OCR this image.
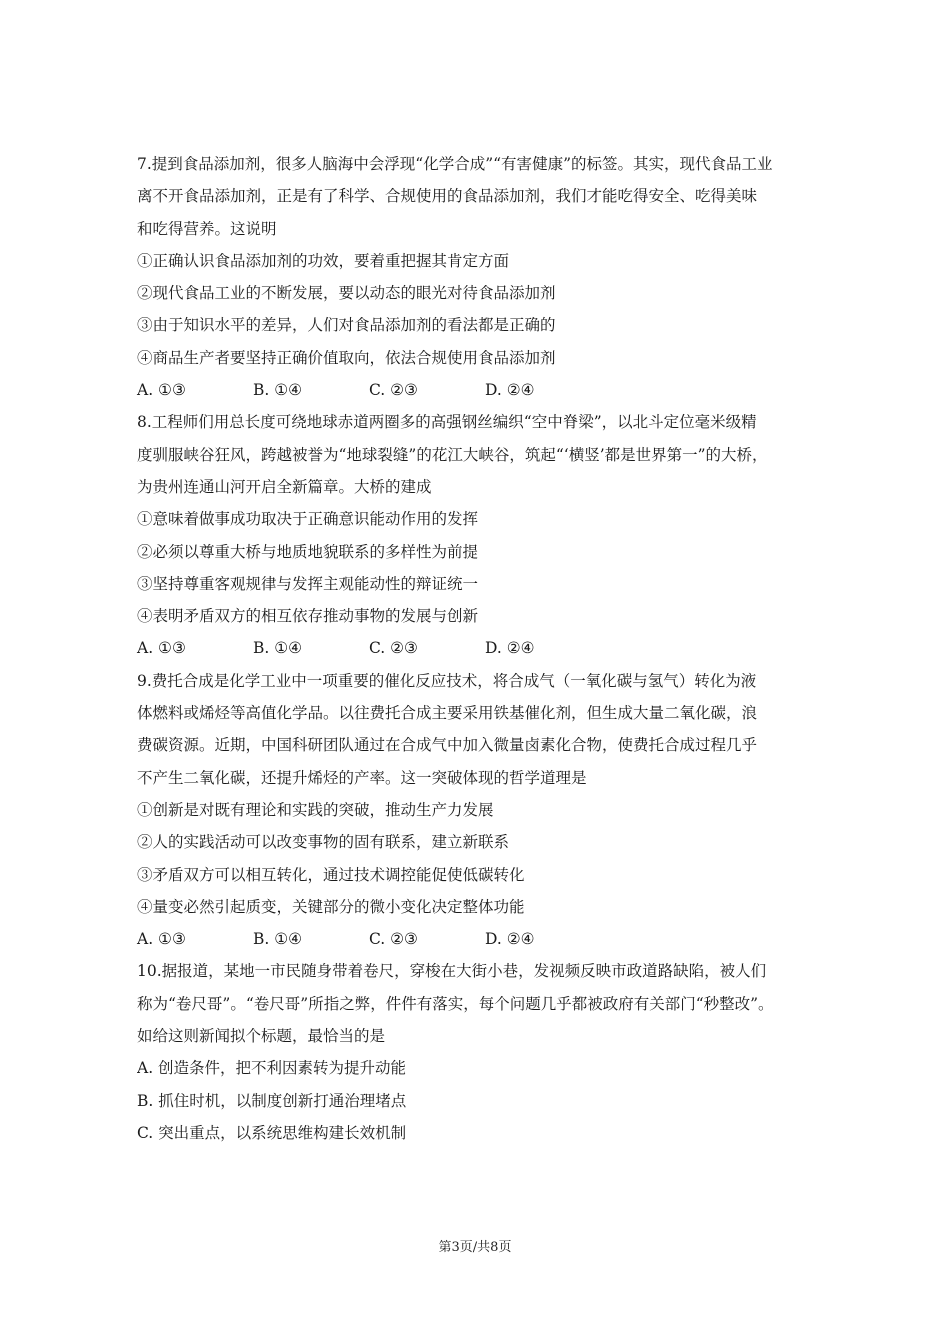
7.提到食品添加剂，很多人脑海中会浮现“化学合成”“有害健康”的标签。其实，现代食品工业
离不开食品添加剂，正是有了科学、合规使用的食品添加剂，我们才能吃得安全、吃得美味
和吃得营养。这说明
①正确认识食品添加剂的功效，要着重把握其肯定方面
②现代食品工业的不断发展，要以动态的眼光对待食品添加剂
③由于知识水平的差异，人们对食品添加剂的看法都是正确的
④商品生产者要坚持正确价值取向，依法合规使用食品添加剂
A. ①③	B. ①④	C. ②③	D. ②④
8.工程师们用总长度可绕地球赤道两圈多的高强钢丝编织“空中脊梁”，以北斗定位毫米级精
度驯服峡谷狂风，跨越被誉为“地球裂缝”的花江大峡谷，筑起“‘横竖’都是世界第一”的大桥，
为贵州连通山河开启全新篇章。大桥的建成
①意味着做事成功取决于正确意识能动作用的发挥
②必须以尊重大桥与地质地貌联系的多样性为前提
③坚持尊重客观规律与发挥主观能动性的辩证统一
④表明矛盾双方的相互依存推动事物的发展与创新
A. ①③	B. ①④	C. ②③	D. ②④
9.费托合成是化学工业中一项重要的催化反应技术，将合成气（一氧化碳与氢气）转化为液
体燃料或烯烃等高值化学品。以往费托合成主要采用铁基催化剂，但生成大量二氧化碳，浪
费碳资源。近期，中国科研团队通过在合成气中加入微量卤素化合物，使费托合成过程几乎
不产生二氧化碳，还提升烯烃的产率。这一突破体现的哲学道理是
①创新是对既有理论和实践的突破，推动生产力发展
②人的实践活动可以改变事物的固有联系，建立新联系
③矛盾双方可以相互转化，通过技术调控能促使低碳转化
④量变必然引起质变，关键部分的微小变化决定整体功能
A. ①③	B. ①④	C. ②③	D. ②④
10.据报道，某地一市民随身带着卷尺，穿梭在大街小巷，发视频反映市政道路缺陷，被人们
称为“卷尺哥”。“卷尺哥”所指之弊，件件有落实，每个问题几乎都被政府有关部门“秒整改”。
如给这则新闻拟个标题，最恰当的是
A. 创造条件，把不利因素转为提升动能
B. 抓住时机，以制度创新打通治理堵点
C. 突出重点，以系统思维构建长效机制
第3页/共8页
